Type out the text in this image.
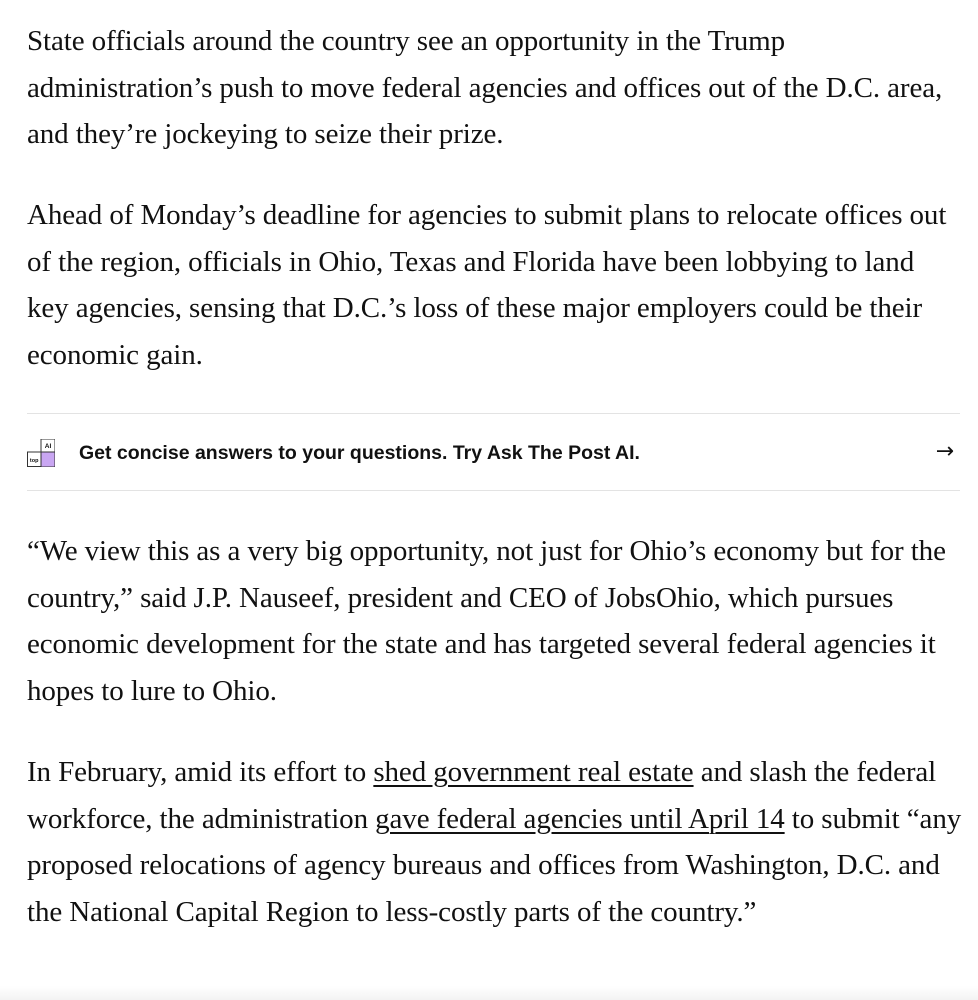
State officials around the country see an opportunity in the Trump administration’s push to move federal agencies and offices out of the D.C. area, and they’re jockeying to seize their prize.

Ahead of Monday’s deadline for agencies to submit plans to relocate offices out of the region, officials in Ohio, Texas and Florida have been lobbying to land key agencies, sensing that D.C.’s loss of these major employers could be their economic gain.

“We view this as a very big opportunity, not just for Ohio’s economy but for the country,” said J.P. Nauseef, president and CEO of JobsOhio, which pursues economic development for the state and has targeted several federal agencies it hopes to lure to Ohio.

In February, amid its effort to shed government real estate and slash the federal workforce, the administration gave federal agencies until April 14 to submit “any proposed relocations of agency bureaus and offices from Washington, D.C. and the National Capital Region to less-costly parts of the country.”

AI
top Get concise answers to your questions. Try Ask The Post AI.	→
